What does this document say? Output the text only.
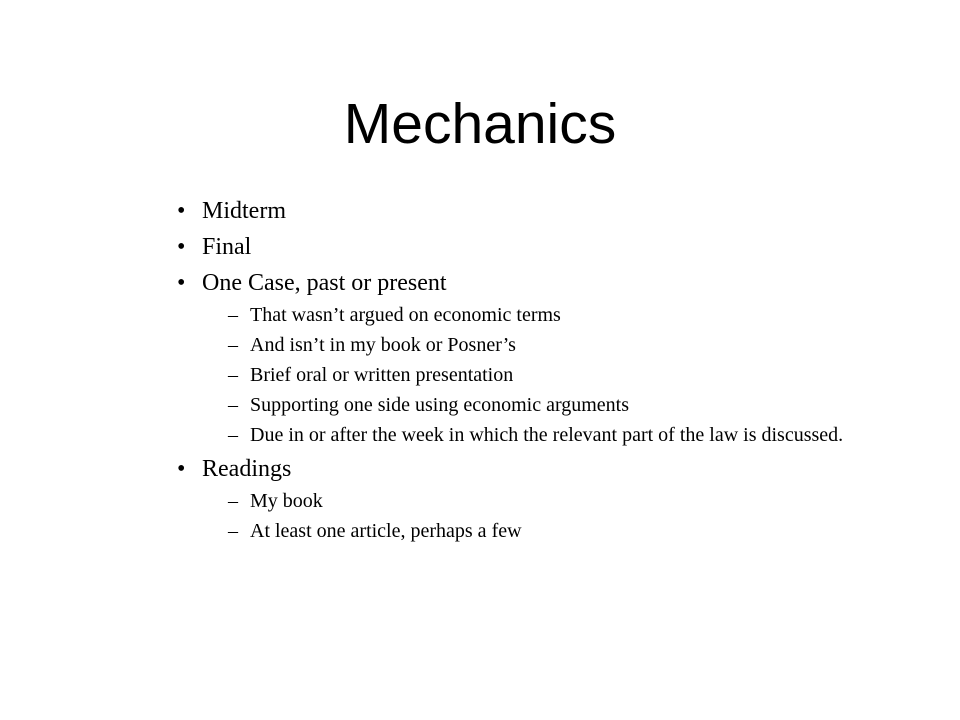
Mechanics
• Midterm
• Final
• One Case, past or present
– That wasn’t argued on economic terms
– And isn’t in my book or Posner’s
– Brief oral or written presentation
– Supporting one side using economic arguments
– Due in or after the week in which the relevant part of the law is discussed.
• Readings
– My book
– At least one article, perhaps a few
